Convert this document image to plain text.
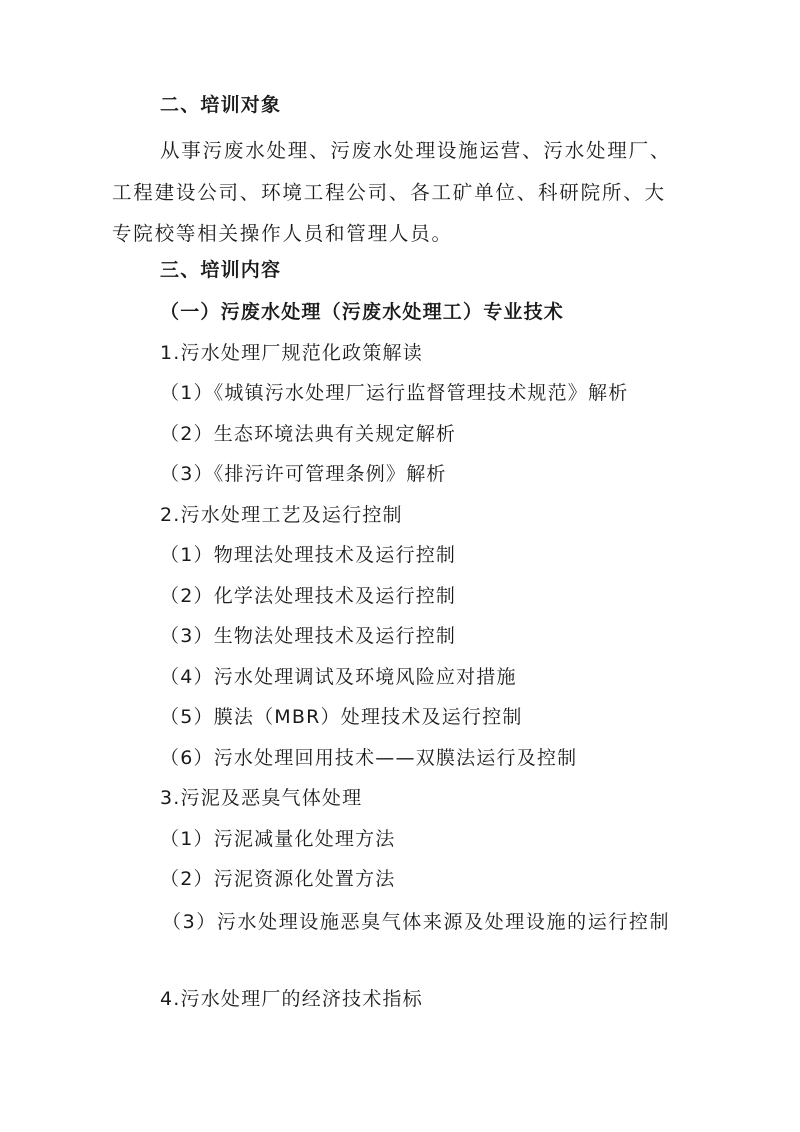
二、培训对象

从事污废水处理、污废水处理设施运营、污水处理厂、工程建设公司、环境工程公司、各工矿单位、科研院所、大专院校等相关操作人员和管理人员。

三、培训内容
（一）污废水处理（污废水处理工）专业技术
1.污水处理厂规范化政策解读
（1）《城镇污水处理厂运行监督管理技术规范》解析
（2）生态环境法典有关规定解析
（3）《排污许可管理条例》解析
2.污水处理工艺及运行控制
（1）物理法处理技术及运行控制
（2）化学法处理技术及运行控制
（3）生物法处理技术及运行控制
（4）污水处理调试及环境风险应对措施
（5）膜法（MBR）处理技术及运行控制
（6）污水处理回用技术——双膜法运行及控制
3.污泥及恶臭气体处理
（1）污泥减量化处理方法
（2）污泥资源化处置方法

（3）污水处理设施恶臭气体来源及处理设施的运行控制

4.污水处理厂的经济技术指标
